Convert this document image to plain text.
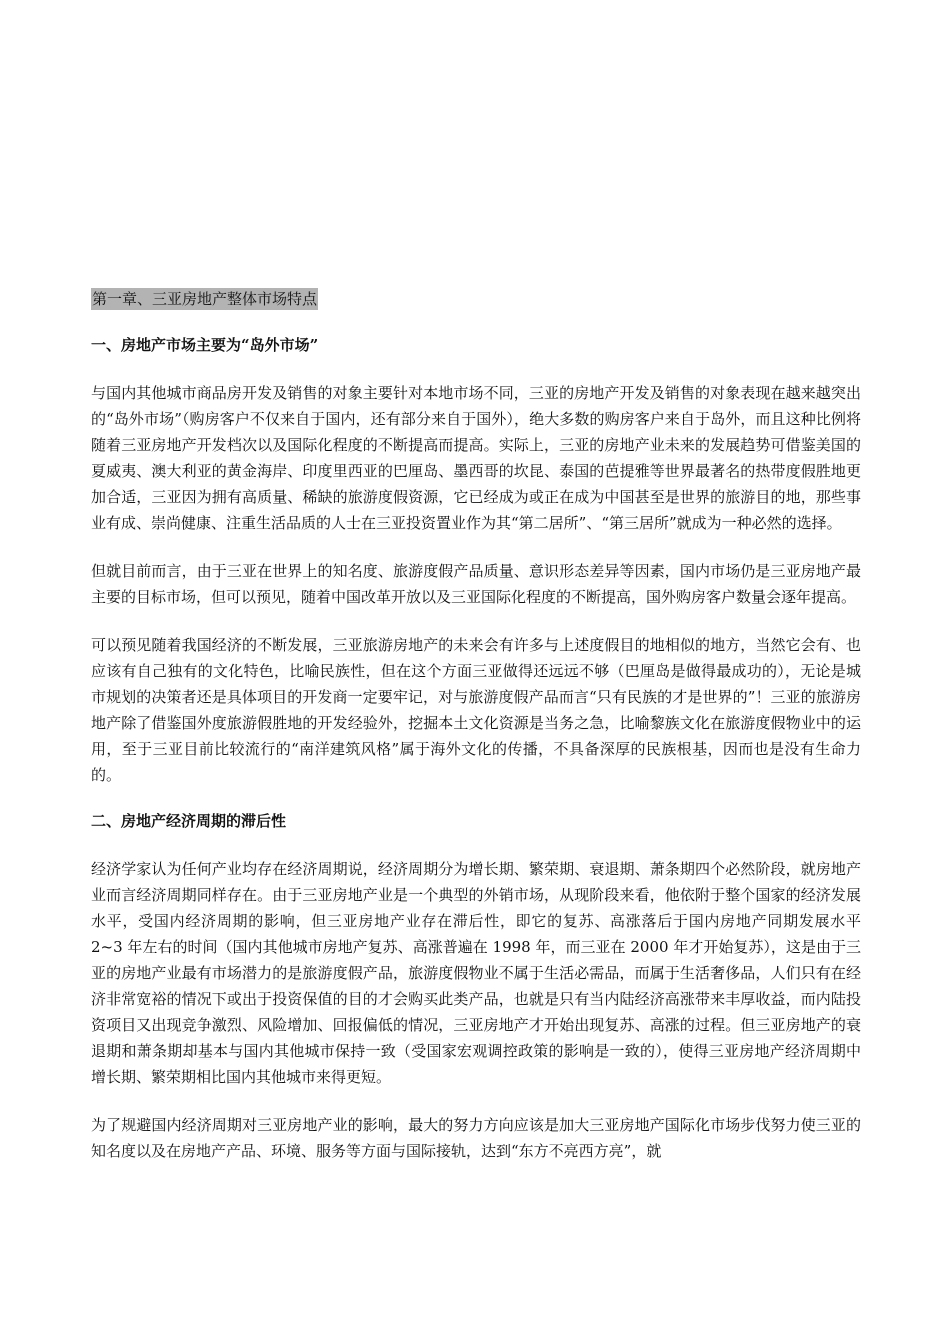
第一章、三亚房地产整体市场特点
一、房地产市场主要为“岛外市场”

与国内其他城市商品房开发及销售的对象主要针对本地市场不同，三亚的房地产开发及销售的对象表现在越来越突出的“岛外市场”（购房客户不仅来自于国内，还有部分来自于国外），绝大多数的购房客户来自于岛外，而且这种比例将随着三亚房地产开发档次以及国际化程度的不断提高而提高。实际上，三亚的房地产业未来的发展趋势可借鉴美国的夏威夷、澳大利亚的黄金海岸、印度里西亚的巴厘岛、墨西哥的坎昆、泰国的芭提雅等世界最著名的热带度假胜地更加合适，三亚因为拥有高质量、稀缺的旅游度假资源，它已经成为或正在成为中国甚至是世界的旅游目的地，那些事业有成、崇尚健康、注重生活品质的人士在三亚投资置业作为其“第二居所”、“第三居所”就成为一种必然的选择。

但就目前而言，由于三亚在世界上的知名度、旅游度假产品质量、意识形态差异等因素，国内市场仍是三亚房地产最主要的目标市场，但可以预见，随着中国改革开放以及三亚国际化程度的不断提高，国外购房客户数量会逐年提高。

可以预见随着我国经济的不断发展，三亚旅游房地产的未来会有许多与上述度假目的地相似的地方，当然它会有、也应该有自己独有的文化特色，比喻民族性，但在这个方面三亚做得还远远不够（巴厘岛是做得最成功的），无论是城市规划的决策者还是具体项目的开发商一定要牢记，对与旅游度假产品而言“只有民族的才是世界的”！三亚的旅游房地产除了借鉴国外度旅游假胜地的开发经验外，挖掘本土文化资源是当务之急，比喻黎族文化在旅游度假物业中的运用，至于三亚目前比较流行的“南洋建筑风格”属于海外文化的传播，不具备深厚的民族根基，因而也是没有生命力的。

二、房地产经济周期的滞后性

经济学家认为任何产业均存在经济周期说，经济周期分为增长期、繁荣期、衰退期、萧条期四个必然阶段，就房地产业而言经济周期同样存在。由于三亚房地产业是一个典型的外销市场，从现阶段来看，他依附于整个国家的经济发展水平，受国内经济周期的影响，但三亚房地产业存在滞后性，即它的复苏、高涨落后于国内房地产同期发展水平 2~3 年左右的时间（国内其他城市房地产复苏、高涨普遍在 1998 年，而三亚在 2000 年才开始复苏），这是由于三亚的房地产业最有市场潜力的是旅游度假产品，旅游度假物业不属于生活必需品，而属于生活奢侈品，人们只有在经济非常宽裕的情况下或出于投资保值的目的才会购买此类产品，也就是只有当内陆经济高涨带来丰厚收益，而内陆投资项目又出现竞争激烈、风险增加、回报偏低的情况，三亚房地产才开始出现复苏、高涨的过程。但三亚房地产的衰退期和萧条期却基本与国内其他城市保持一致（受国家宏观调控政策的影响是一致的），使得三亚房地产经济周期中增长期、繁荣期相比国内其他城市来得更短。

为了规避国内经济周期对三亚房地产业的影响，最大的努力方向应该是加大三亚房地产国际化市场步伐努力使三亚的知名度以及在房地产产品、环境、服务等方面与国际接轨，达到“东方不亮西方亮”，就
